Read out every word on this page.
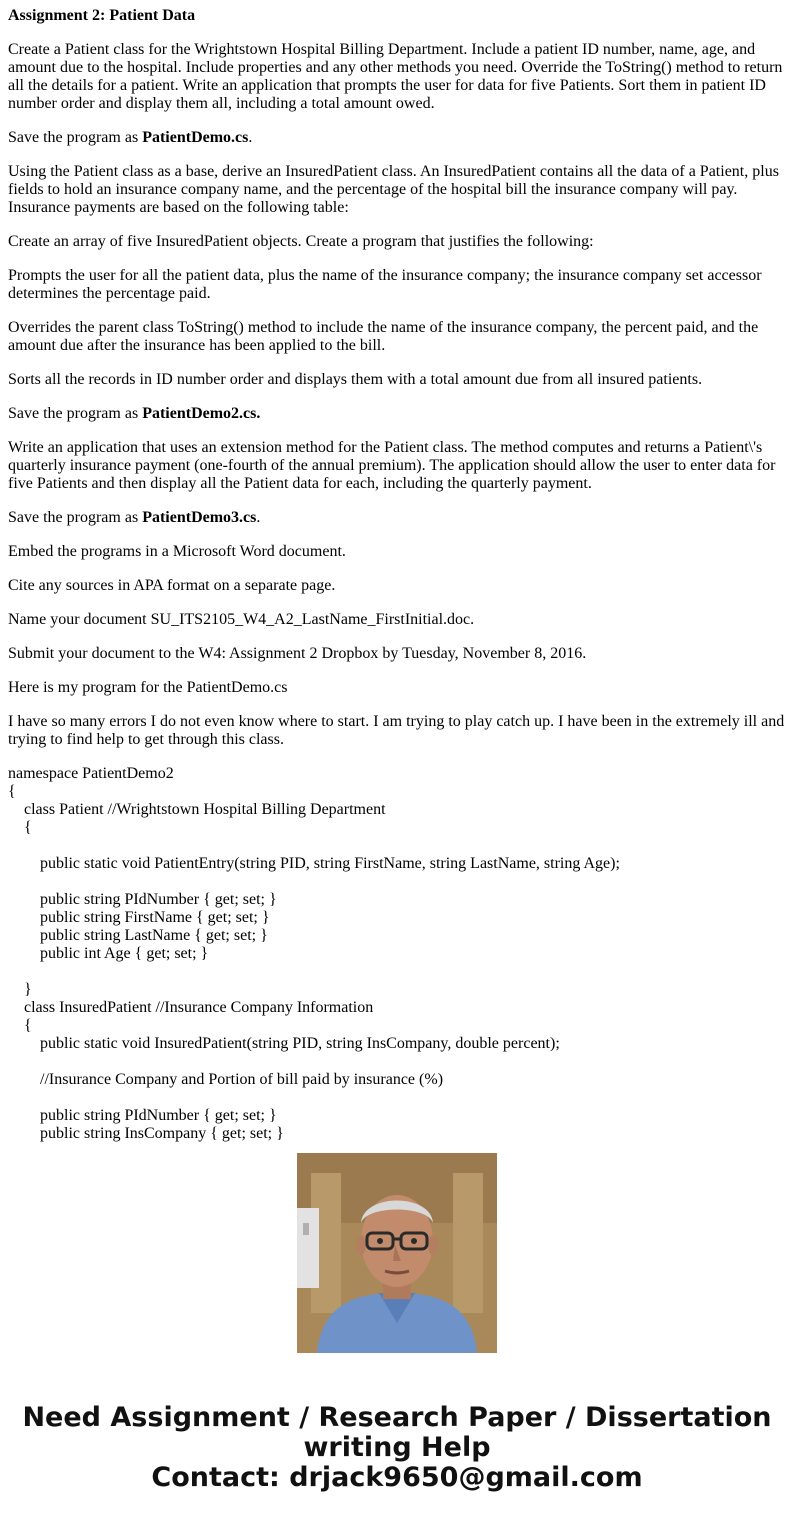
Assignment 2: Patient Data

Create a Patient class for the Wrightstown Hospital Billing Department. Include a patient ID number, name, age, and amount due to the hospital. Include properties and any other methods you need. Override the ToString() method to return all the details for a patient. Write an application that prompts the user for data for five Patients. Sort them in patient ID number order and display them all, including a total amount owed.

Save the program as PatientDemo.cs.

Using the Patient class as a base, derive an InsuredPatient class. An InsuredPatient contains all the data of a Patient, plus fields to hold an insurance company name, and the percentage of the hospital bill the insurance company will pay. Insurance payments are based on the following table:

Create an array of five InsuredPatient objects. Create a program that justifies the following:

Prompts the user for all the patient data, plus the name of the insurance company; the insurance company set accessor determines the percentage paid.

Overrides the parent class ToString() method to include the name of the insurance company, the percent paid, and the amount due after the insurance has been applied to the bill.

Sorts all the records in ID number order and displays them with a total amount due from all insured patients.

Save the program as PatientDemo2.cs.

Write an application that uses an extension method for the Patient class. The method computes and returns a Patient\'s quarterly insurance payment (one-fourth of the annual premium). The application should allow the user to enter data for five Patients and then display all the Patient data for each, including the quarterly payment.

Save the program as PatientDemo3.cs.

Embed the programs in a Microsoft Word document.

Cite any sources in APA format on a separate page.

Name your document SU_ITS2105_W4_A2_LastName_FirstInitial.doc.

Submit your document to the W4: Assignment 2 Dropbox by Tuesday, November 8, 2016.

Here is my program for the PatientDemo.cs

I have so many errors I do not even know where to start. I am trying to play catch up. I have been in the extremely ill and trying to find help to get through this class.

namespace PatientDemo2
{
class Patient //Wrightstown Hospital Billing Department
{
public static void PatientEntry(string PID, string FirstName, string LastName, string Age);
public string PIdNumber { get; set; }
public string FirstName { get; set; }
public string LastName { get; set; }
public int Age { get; set; }
}
class InsuredPatient //Insurance Company Information
{
public static void InsuredPatient(string PID, string InsCompany, double percent);
//Insurance Company and Portion of bill paid by insurance (%)
public string PIdNumber { get; set; }
public string InsCompany { get; set; }
Need Assignment / Research Paper / Dissertation
writing Help
Contact: drjack9650@gmail.com
